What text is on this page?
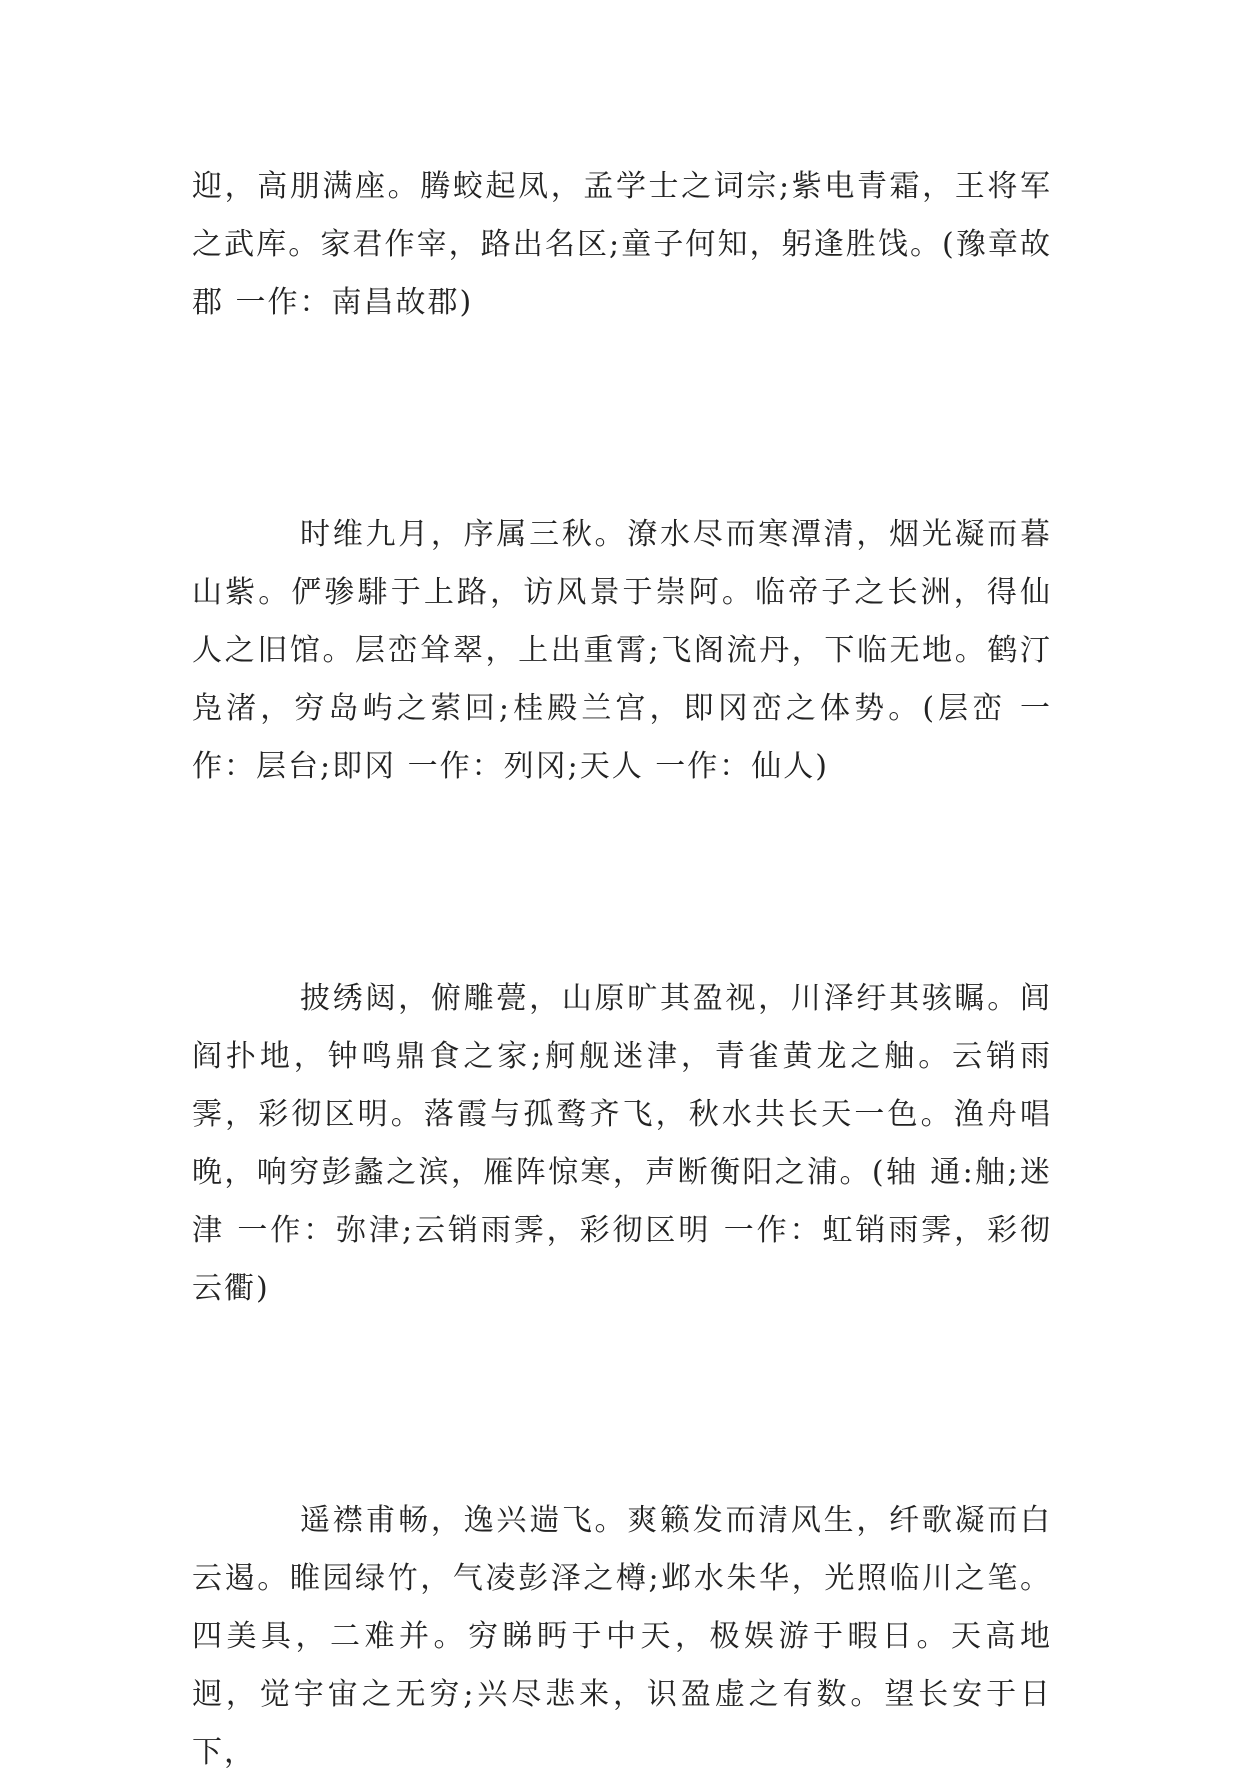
迎，高朋满座。腾蛟起凤，孟学士之词宗;紫电青霜，王将军之武库。家君作宰，路出名区;童子何知，躬逢胜饯。(豫章故郡 一作：南昌故郡)

时维九月，序属三秋。潦水尽而寒潭清，烟光凝而暮山紫。俨骖騑于上路，访风景于崇阿。临帝子之长洲，得仙人之旧馆。层峦耸翠，上出重霄;飞阁流丹，下临无地。鹤汀凫渚，穷岛屿之萦回;桂殿兰宫，即冈峦之体势。(层峦 一作：层台;即冈 一作：列冈;天人 一作：仙人)

披绣闼，俯雕甍，山原旷其盈视，川泽纡其骇瞩。闾阎扑地，钟鸣鼎食之家;舸舰迷津，青雀黄龙之舳。云销雨霁，彩彻区明。落霞与孤鹜齐飞，秋水共长天一色。渔舟唱晚，响穷彭蠡之滨，雁阵惊寒，声断衡阳之浦。(轴 通:舳;迷津 一作：弥津;云销雨霁，彩彻区明 一作：虹销雨霁，彩彻云衢)

遥襟甫畅，逸兴遄飞。爽籁发而清风生，纤歌凝而白云遏。睢园绿竹，气凌彭泽之樽;邺水朱华，光照临川之笔。四美具，二难并。穷睇眄于中天，极娱游于暇日。天高地迥，觉宇宙之无穷;兴尽悲来，识盈虚之有数。望长安于日下，
